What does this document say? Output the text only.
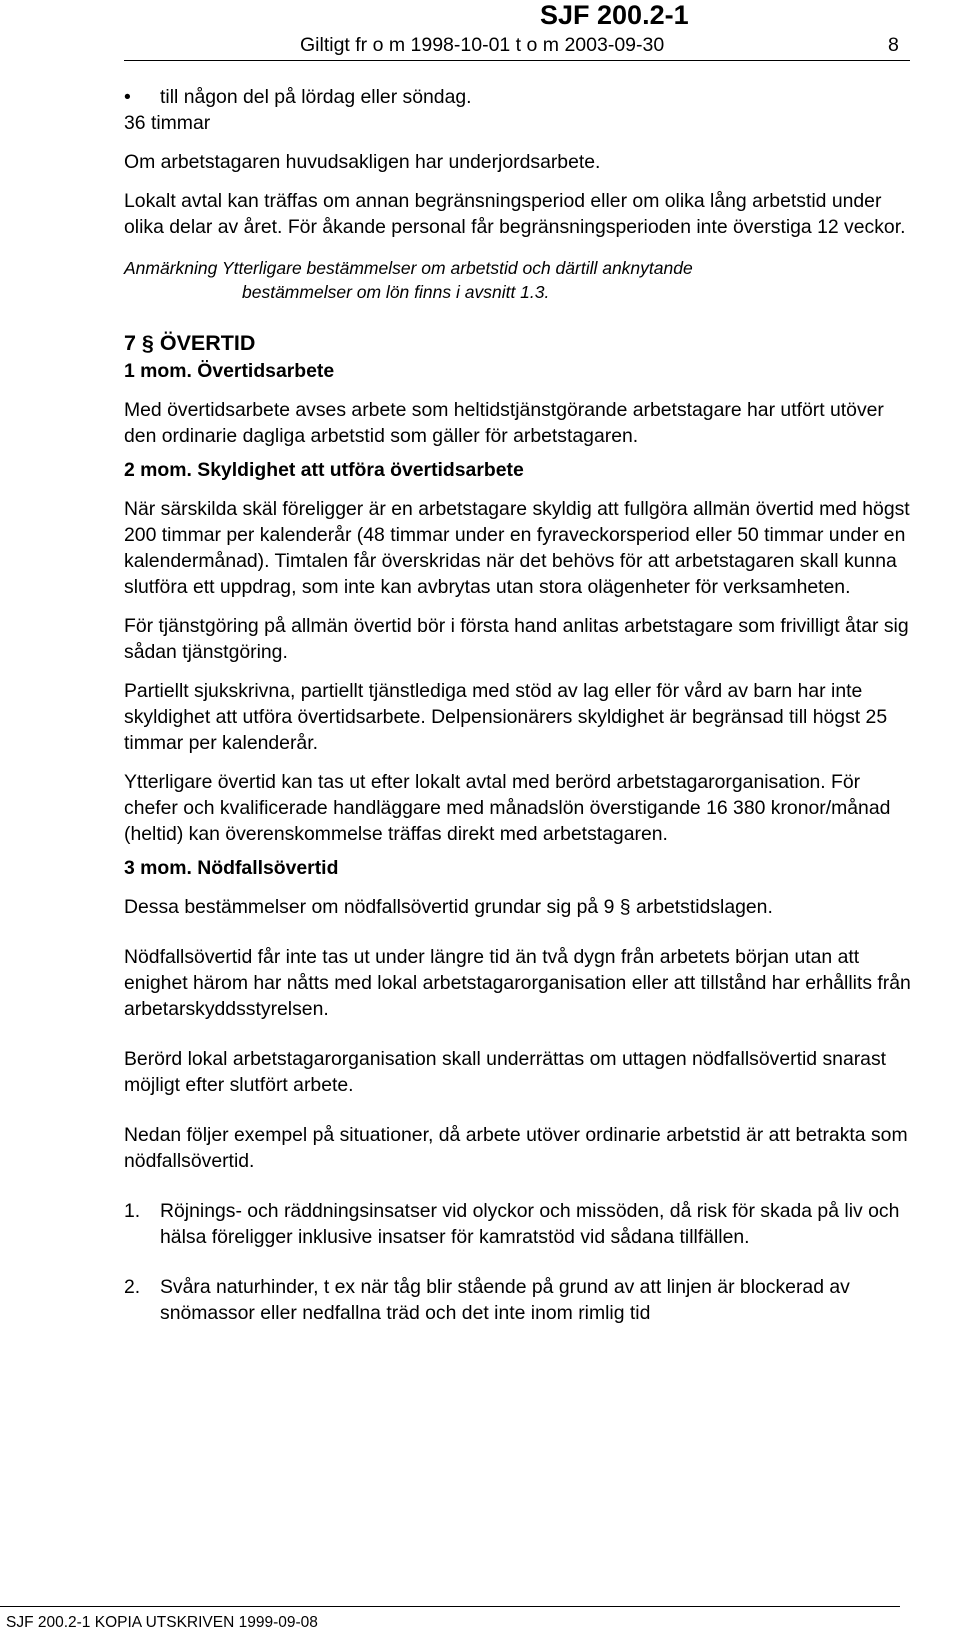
SJF 200.2-1
Giltigt fr o m 1998-10-01 t o m 2003-09-30	8

•	till någon del på lördag eller söndag.

36 timmar

Om arbetstagaren huvudsakligen har underjordsarbete.

Lokalt avtal kan träffas om annan begränsningsperiod eller om olika lång arbetstid under olika delar av året. För åkande personal får begränsningsperioden inte överstiga 12 veckor.

Anmärkning Ytterligare bestämmelser om arbetstid och därtill anknytande

bestämmelser om lön finns i avsnitt 1.3.

7 § ÖVERTID

1 mom. Övertidsarbete

Med övertidsarbete avses arbete som heltidstjänstgörande arbetstagare har utfört utöver den ordinarie dagliga arbetstid som gäller för arbetstagaren.

2 mom. Skyldighet att utföra övertidsarbete

När särskilda skäl föreligger är en arbetstagare skyldig att fullgöra allmän övertid med högst 200 timmar per kalenderår (48 timmar under en fyraveckorsperiod eller 50 timmar under en kalendermånad). Timtalen får överskridas när det behövs för att arbetstagaren skall kunna slutföra ett uppdrag, som inte kan avbrytas utan stora olägenheter för verksamheten.

För tjänstgöring på allmän övertid bör i första hand anlitas arbetstagare som frivilligt åtar sig sådan tjänstgöring.

Partiellt sjukskrivna, partiellt tjänstlediga med stöd av lag eller för vård av barn har inte skyldighet att utföra övertidsarbete. Delpensionärers skyldighet är begränsad till högst 25 timmar per kalenderår.

Ytterligare övertid kan tas ut efter lokalt avtal med berörd arbetstagarorganisation. För chefer och kvalificerade handläggare med månadslön överstigande 16 380 kronor/månad (heltid) kan överenskommelse träffas direkt med arbetstagaren.

3 mom. Nödfallsövertid

Dessa bestämmelser om nödfallsövertid grundar sig på 9 § arbetstidslagen.

Nödfallsövertid får inte tas ut under längre tid än två dygn från arbetets början utan att enighet härom har nåtts med lokal arbetstagarorganisation eller att tillstånd har erhållits från arbetarskyddsstyrelsen.

Berörd lokal arbetstagarorganisation skall underrättas om uttagen nödfallsövertid snarast möjligt efter slutfört arbete.

Nedan följer exempel på situationer, då arbete utöver ordinarie arbetstid är att betrakta som nödfallsövertid.

1. Röjnings- och räddningsinsatser vid olyckor och missöden, då risk för skada på liv och hälsa föreligger inklusive insatser för kamratstöd vid sådana tillfällen.

2. Svåra naturhinder, t ex när tåg blir stående på grund av att linjen är blockerad av snömassor eller nedfallna träd och det inte inom rimlig tid

SJF 200.2-1 KOPIA UTSKRIVEN 1999-09-08
